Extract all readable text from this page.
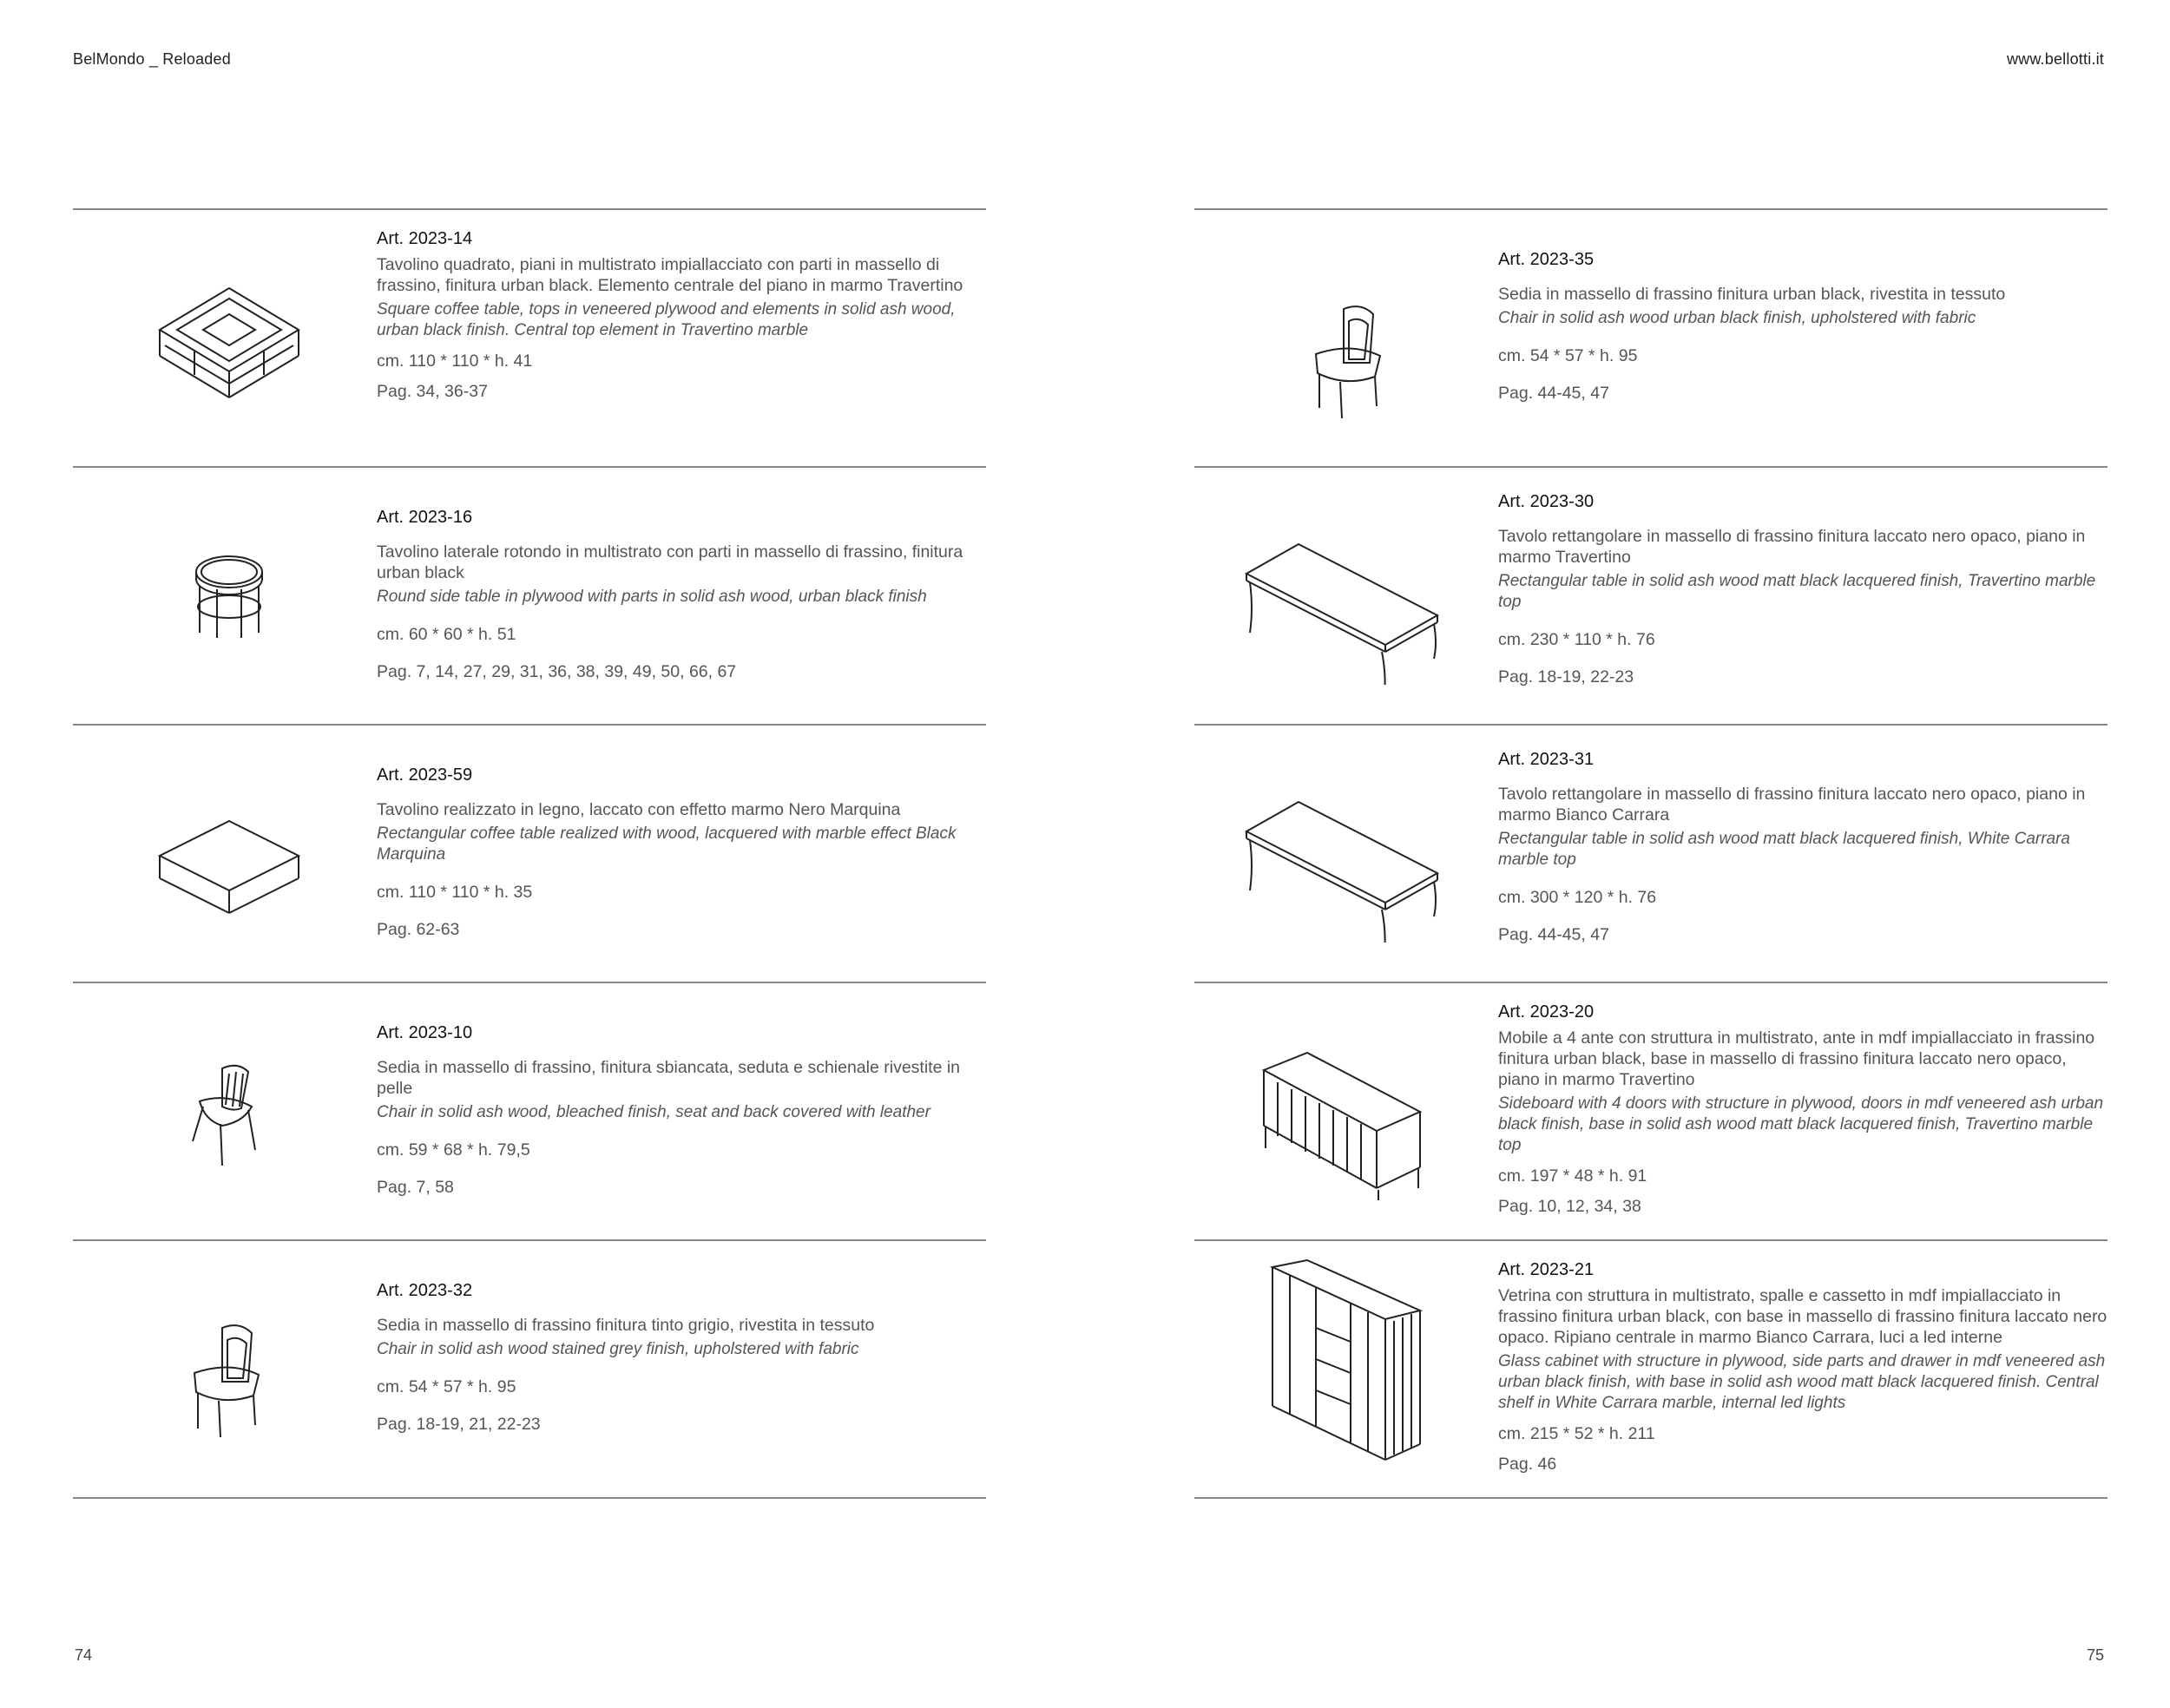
BelMondo _ Reloaded	www.bellotti.it
Art. 2023-14
Tavolino quadrato, piani in multistrato impiallacciato con parti in massello di frassino, finitura urban black. Elemento centrale del piano in marmo Travertino
Square coffee table, tops in veneered plywood and elements in solid ash wood, urban black finish. Central top element in Travertino marble
cm. 110 * 110 * h. 41
Pag. 34, 36-37
Art. 2023-16
Tavolino laterale rotondo in multistrato con parti in massello di frassino, finitura urban black
Round side table in plywood with parts in solid ash wood, urban black finish
cm. 60 * 60 * h. 51
Pag. 7, 14, 27, 29, 31, 36, 38, 39, 49, 50, 66, 67
Art. 2023-59
Tavolino realizzato in legno, laccato con effetto marmo Nero Marquina
Rectangular coffee table realized with wood, lacquered with marble effect Black Marquina
cm. 110 * 110 * h. 35
Pag. 62-63
Art. 2023-10
Sedia in massello di frassino, finitura sbiancata, seduta e schienale rivestite in pelle
Chair in solid ash wood, bleached finish, seat and back covered with leather
cm. 59 * 68 * h. 79,5
Pag. 7, 58
Art. 2023-32
Sedia in massello di frassino finitura tinto grigio, rivestita in tessuto
Chair in solid ash wood stained grey finish, upholstered with fabric
cm. 54 * 57 * h. 95
Pag. 18-19, 21, 22-23
Art. 2023-35
Sedia in massello di frassino finitura urban black, rivestita in tessuto
Chair in solid ash wood urban black finish, upholstered with fabric
cm. 54 * 57 * h. 95
Pag. 44-45, 47
Art. 2023-30
Tavolo rettangolare in massello di frassino finitura laccato nero opaco, piano in marmo Travertino
Rectangular table in solid ash wood matt black lacquered finish, Travertino marble top
cm. 230 * 110 * h. 76
Pag. 18-19, 22-23
Art. 2023-31
Tavolo rettangolare in massello di frassino finitura laccato nero opaco, piano in marmo Bianco Carrara
Rectangular table in solid ash wood matt black lacquered finish, White Carrara marble top
cm. 300 * 120 * h. 76
Pag. 44-45, 47
Art. 2023-20
Mobile a 4 ante con struttura in multistrato, ante in mdf impiallacciato in frassino finitura urban black, base in massello di frassino finitura laccato nero opaco, piano in marmo Travertino
Sideboard with 4 doors with structure in plywood, doors in mdf veneered ash urban black finish, base in solid ash wood matt black lacquered finish, Travertino marble top
cm. 197 * 48 * h. 91
Pag. 10, 12, 34, 38
Art. 2023-21
Vetrina con struttura in multistrato, spalle e cassetto in mdf impiallacciato in frassino finitura urban black, con base in massello di frassino finitura laccato nero opaco. Ripiano centrale in marmo Bianco Carrara, luci a led interne
Glass cabinet with structure in plywood, side parts and drawer in mdf veneered ash urban black finish, with base in solid ash wood matt black lacquered finish. Central shelf in White Carrara marble, internal led lights
cm. 215 * 52 * h. 211
Pag. 46
74	75
